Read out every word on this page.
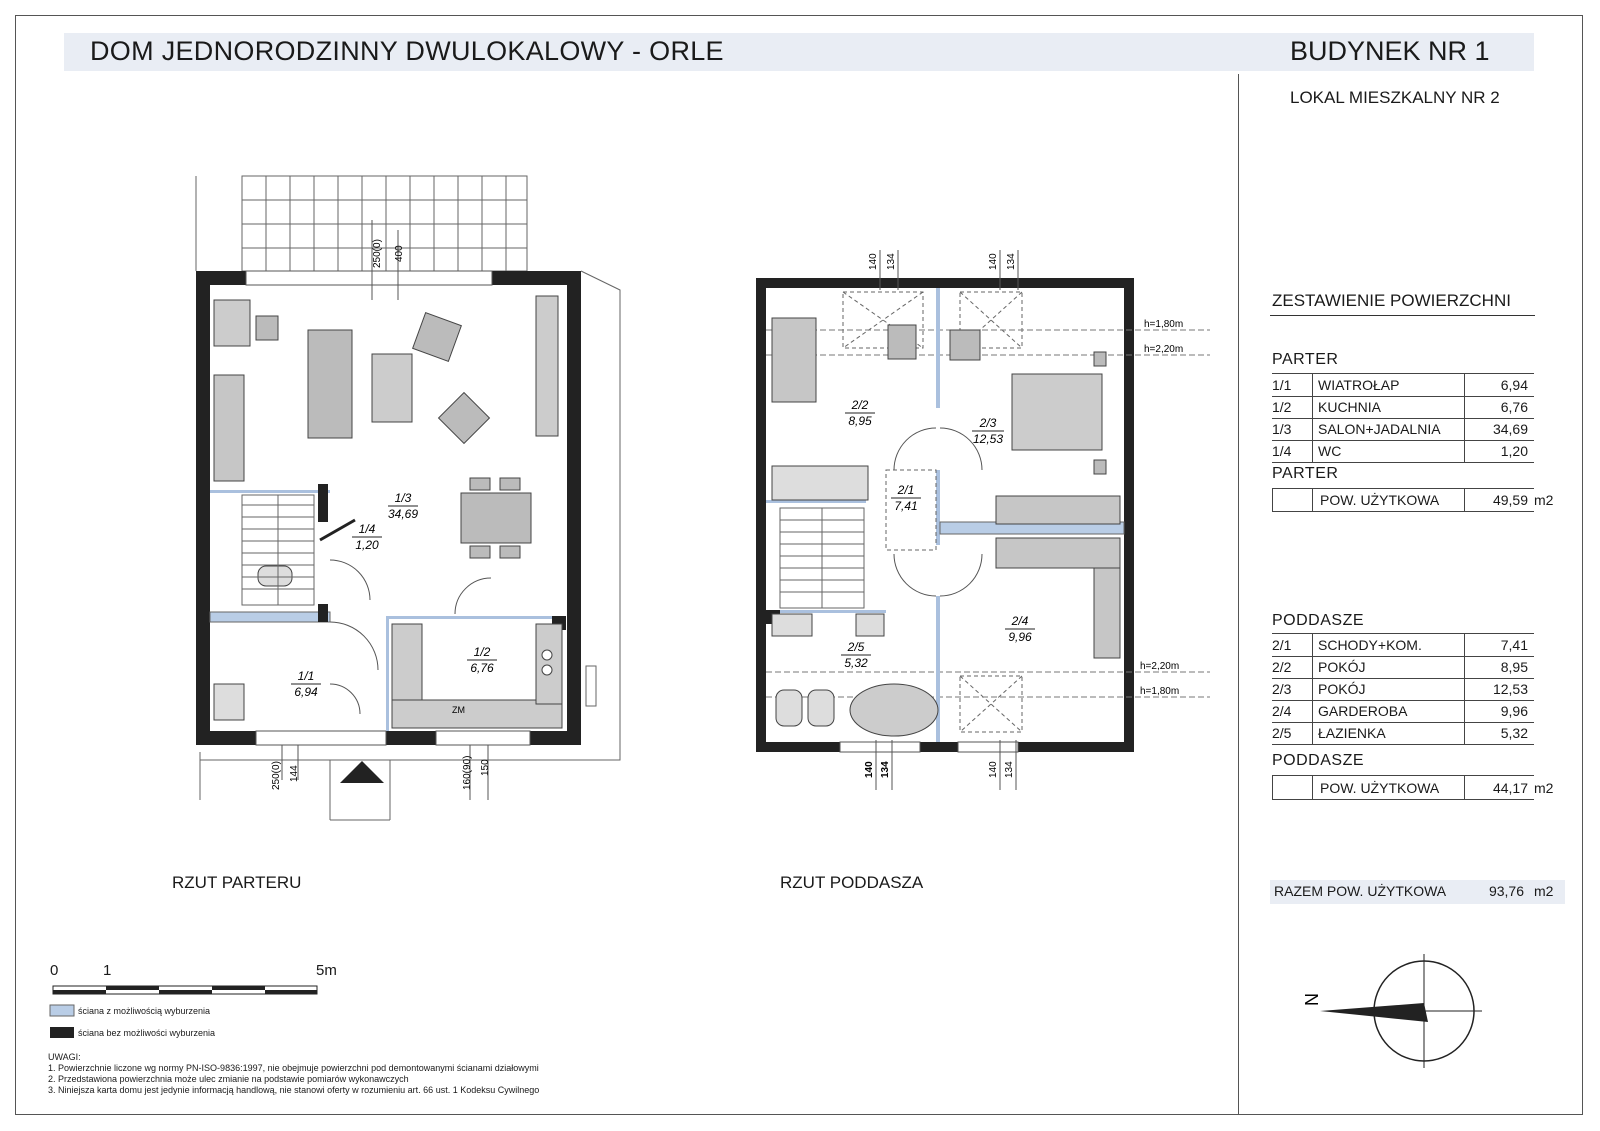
DOM JEDNORODZINNY DWULOKALOWY - ORLE	BUDYNEK NR 1
LOKAL MIESZKALNY NR 2
ZESTAWIENIE POWIERZCHNI
PARTER
1/1 WIATROŁAP	6,94
1/2 KUCHNIA	6,76
1/3 SALON+JADALNIA	34,69
1/4 WC	1,20
PARTER
POW. UŻYTKOWA	49,59 m2
PODDASZE
2/1 SCHODY+KOM.	7,41
2/2 POKÓJ	8,95
2/3 POKÓJ	12,53
2/4 GARDEROBA	9,96
2/5 ŁAZIENKA	5,32
PODDASZE
POW. UŻYTKOWA	44,17 m2
RAZEM POW. UŻYTKOWA	93,76 m2
RZUT PARTERU	RZUT PODDASZA
0	1	5m
ściana z możliwością wyburzenia
ściana bez możliwości wyburzenia
UWAGI:
1. Powierzchnie liczone wg normy PN-ISO-9836:1997, nie obejmuje powierzchni pod demontowanymi ścianami działowymi
2. Przedstawiona powierzchnia może ulec zmianie na podstawie pomiarów wykonawczych
3. Niniejsza karta domu jest jedynie informacją handlową, nie stanowi oferty w rozumieniu art. 66 ust. 1 Kodeksu Cywilnego
250(0) 400
250(0) 144	160(90) 150
1/3
34,69
1/4
1,20
1/2
6,76
1/1
6,94
ZM
h=1,80m
h=2,20m
h=2,20m
h=1,80m
140 134	140 134
140 134	140 134
2/2
8,95	2/3
12,53
2/1
7,41
2/4
9,96
2/5
5,32
N
